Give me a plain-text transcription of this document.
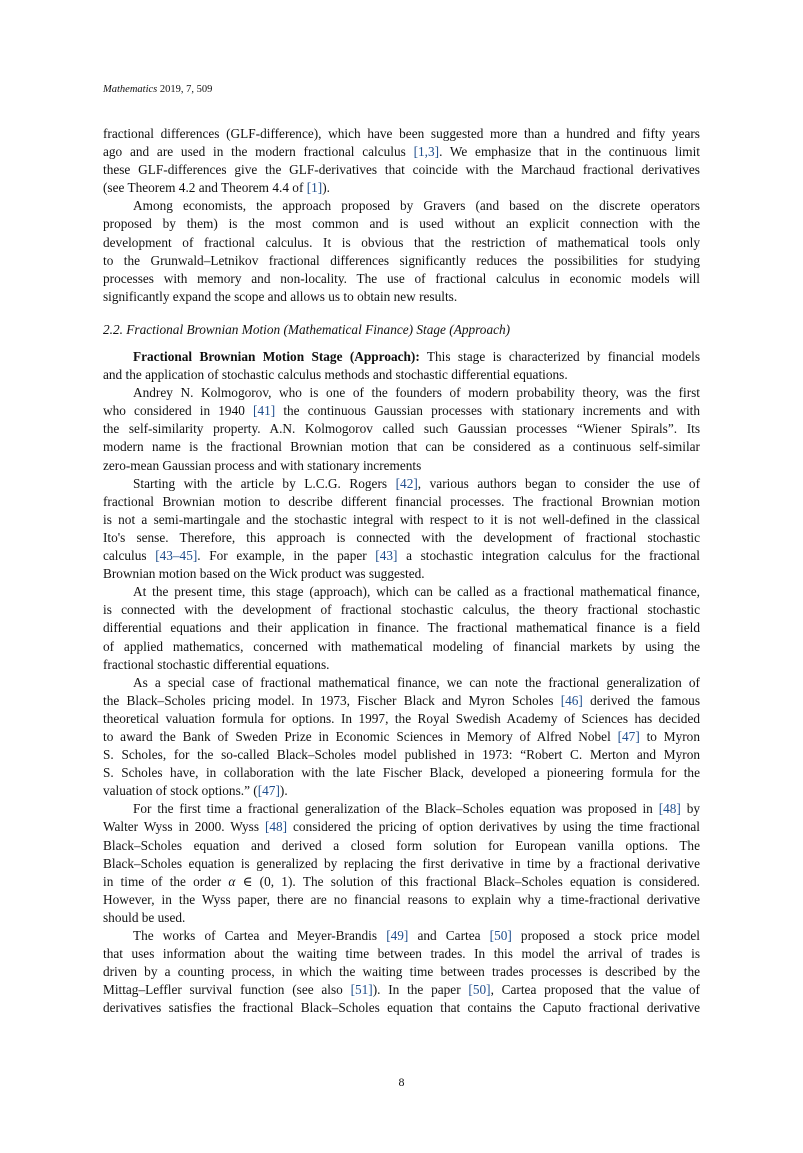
Mathematics 2019, 7, 509
fractional differences (GLF-difference), which have been suggested more than a hundred and fifty years
ago and are used in the modern fractional calculus [1,3]. We emphasize that in the continuous limit
these GLF-differences give the GLF-derivatives that coincide with the Marchaud fractional derivatives
(see Theorem 4.2 and Theorem 4.4 of [1]).
Among economists, the approach proposed by Gravers (and based on the discrete operators
proposed by them) is the most common and is used without an explicit connection with the
development of fractional calculus. It is obvious that the restriction of mathematical tools only
to the Grunwald–Letnikov fractional differences significantly reduces the possibilities for studying
processes with memory and non-locality. The use of fractional calculus in economic models will
significantly expand the scope and allows us to obtain new results.
2.2. Fractional Brownian Motion (Mathematical Finance) Stage (Approach)
Fractional Brownian Motion Stage (Approach): This stage is characterized by financial models
and the application of stochastic calculus methods and stochastic differential equations.
Andrey N. Kolmogorov, who is one of the founders of modern probability theory, was the first
who considered in 1940 [41] the continuous Gaussian processes with stationary increments and with
the self-similarity property. A.N. Kolmogorov called such Gaussian processes “Wiener Spirals”. Its
modern name is the fractional Brownian motion that can be considered as a continuous self-similar
zero-mean Gaussian process and with stationary increments
Starting with the article by L.C.G. Rogers [42], various authors began to consider the use of
fractional Brownian motion to describe different financial processes. The fractional Brownian motion
is not a semi-martingale and the stochastic integral with respect to it is not well-defined in the classical
Ito's sense. Therefore, this approach is connected with the development of fractional stochastic
calculus [43–45]. For example, in the paper [43] a stochastic integration calculus for the fractional
Brownian motion based on the Wick product was suggested.
At the present time, this stage (approach), which can be called as a fractional mathematical finance,
is connected with the development of fractional stochastic calculus, the theory fractional stochastic
differential equations and their application in finance. The fractional mathematical finance is a field
of applied mathematics, concerned with mathematical modeling of financial markets by using the
fractional stochastic differential equations.
As a special case of fractional mathematical finance, we can note the fractional generalization of
the Black–Scholes pricing model. In 1973, Fischer Black and Myron Scholes [46] derived the famous
theoretical valuation formula for options. In 1997, the Royal Swedish Academy of Sciences has decided
to award the Bank of Sweden Prize in Economic Sciences in Memory of Alfred Nobel [47] to Myron
S. Scholes, for the so-called Black–Scholes model published in 1973: “Robert C. Merton and Myron
S. Scholes have, in collaboration with the late Fischer Black, developed a pioneering formula for the
valuation of stock options.” ([47]).
For the first time a fractional generalization of the Black–Scholes equation was proposed in [48] by
Walter Wyss in 2000. Wyss [48] considered the pricing of option derivatives by using the time fractional
Black–Scholes equation and derived a closed form solution for European vanilla options. The
Black–Scholes equation is generalized by replacing the first derivative in time by a fractional derivative
in time of the order α ∈ (0, 1). The solution of this fractional Black–Scholes equation is considered.
However, in the Wyss paper, there are no financial reasons to explain why a time-fractional derivative
should be used.
The works of Cartea and Meyer-Brandis [49] and Cartea [50] proposed a stock price model
that uses information about the waiting time between trades. In this model the arrival of trades is
driven by a counting process, in which the waiting time between trades processes is described by the
Mittag–Leffler survival function (see also [51]). In the paper [50], Cartea proposed that the value of
derivatives satisfies the fractional Black–Scholes equation that contains the Caputo fractional derivative
8
